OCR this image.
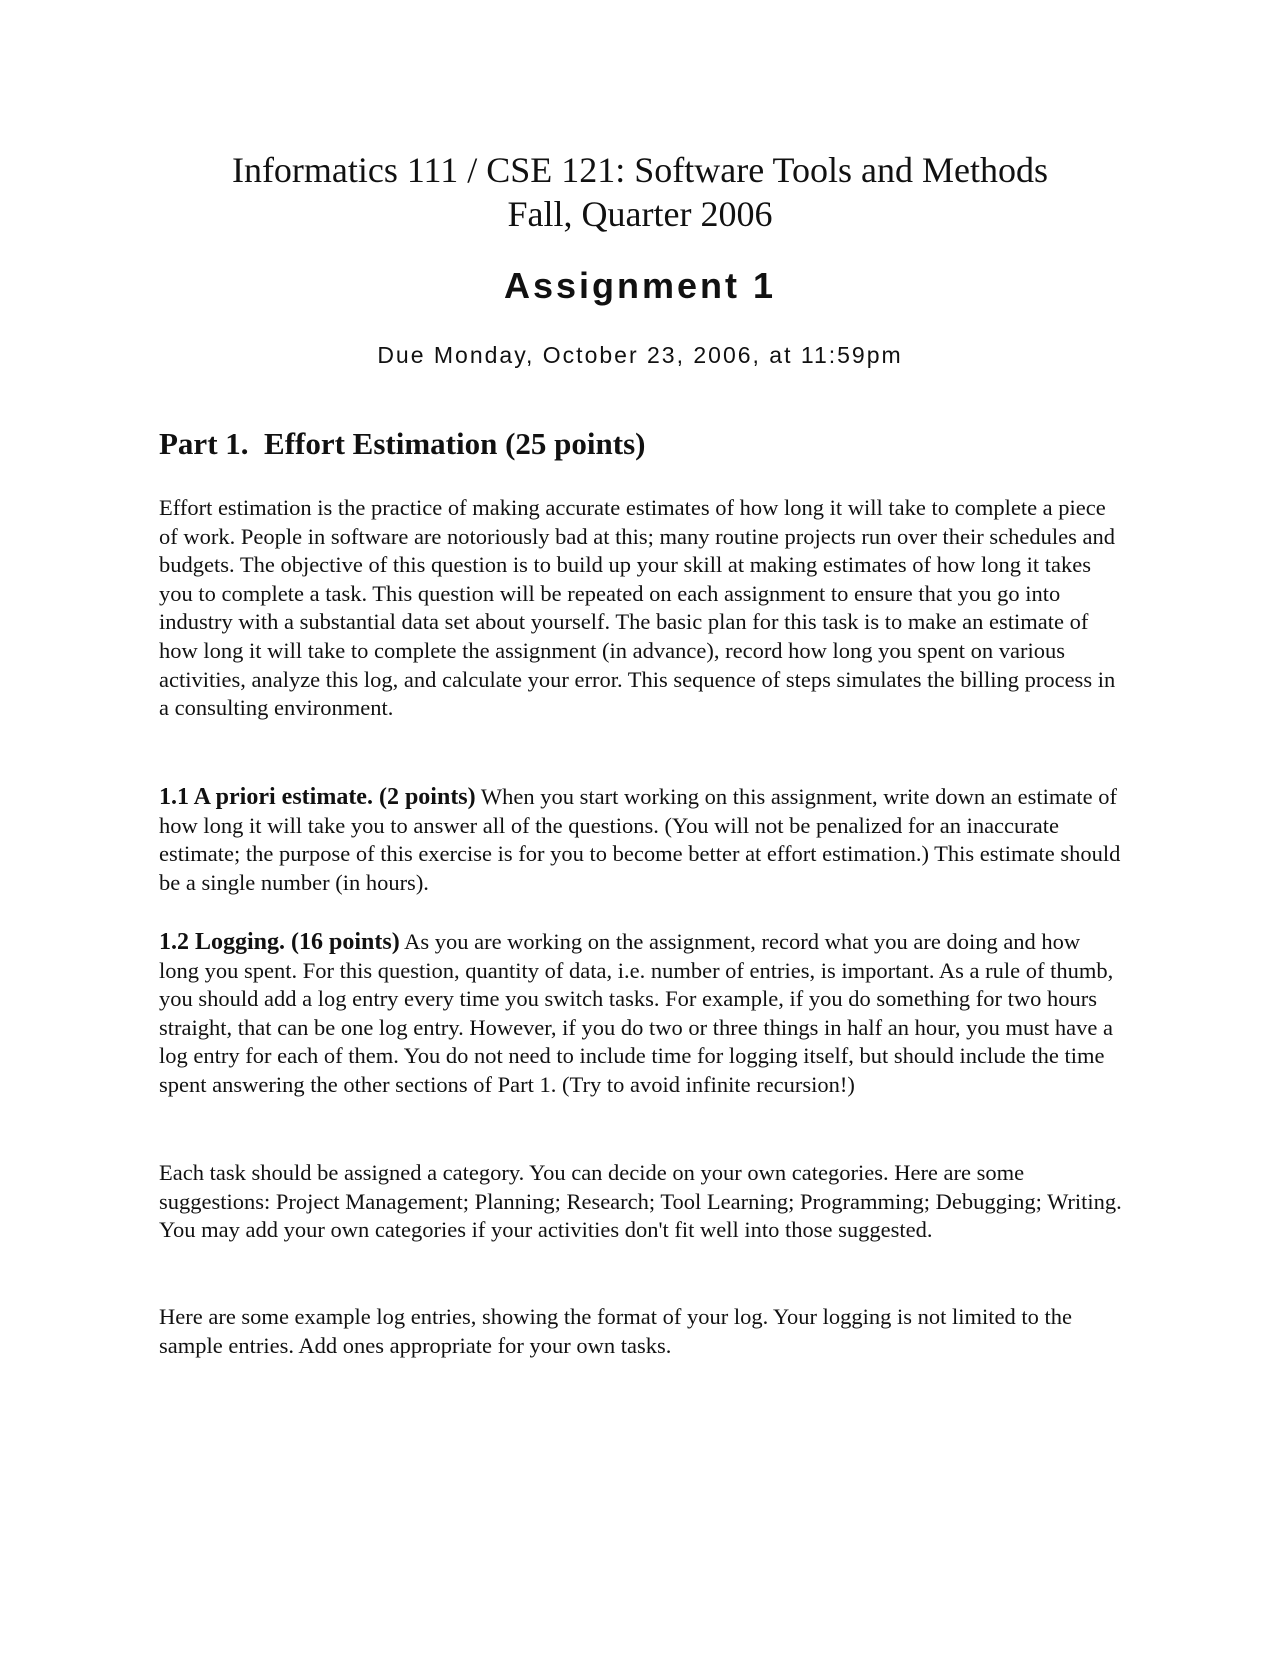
Informatics 111 / CSE 121: Software Tools and Methods
Fall, Quarter 2006
Assignment 1

Due Monday, October 23, 2006, at 11:59pm

Part 1.  Effort Estimation (25 points)

Effort estimation is the practice of making accurate estimates of how long it will take to complete a piece of work. People in software are notoriously bad at this; many routine projects run over their schedules and budgets. The objective of this question is to build up your skill at making estimates of how long it takes you to complete a task. This question will be repeated on each assignment to ensure that you go into industry with a substantial data set about yourself. The basic plan for this task is to make an estimate of how long it will take to complete the assignment (in advance), record how long you spent on various activities, analyze this log, and calculate your error. This sequence of steps simulates the billing process in a consulting environment.

1.1 A priori estimate. (2 points) When you start working on this assignment, write down an estimate of how long it will take you to answer all of the questions. (You will not be penalized for an inaccurate estimate; the purpose of this exercise is for you to become better at effort estimation.) This estimate should be a single number (in hours).

1.2 Logging. (16 points) As you are working on the assignment, record what you are doing and how long you spent. For this question, quantity of data, i.e. number of entries, is important. As a rule of thumb, you should add a log entry every time you switch tasks. For example, if you do something for two hours straight, that can be one log entry. However, if you do two or three things in half an hour, you must have a log entry for each of them. You do not need to include time for logging itself, but should include the time spent answering the other sections of Part 1. (Try to avoid infinite recursion!)

Each task should be assigned a category. You can decide on your own categories. Here are some suggestions: Project Management; Planning; Research; Tool Learning; Programming; Debugging; Writing. You may add your own categories if your activities don't fit well into those suggested.

Here are some example log entries, showing the format of your log. Your logging is not limited to the sample entries. Add ones appropriate for your own tasks.
